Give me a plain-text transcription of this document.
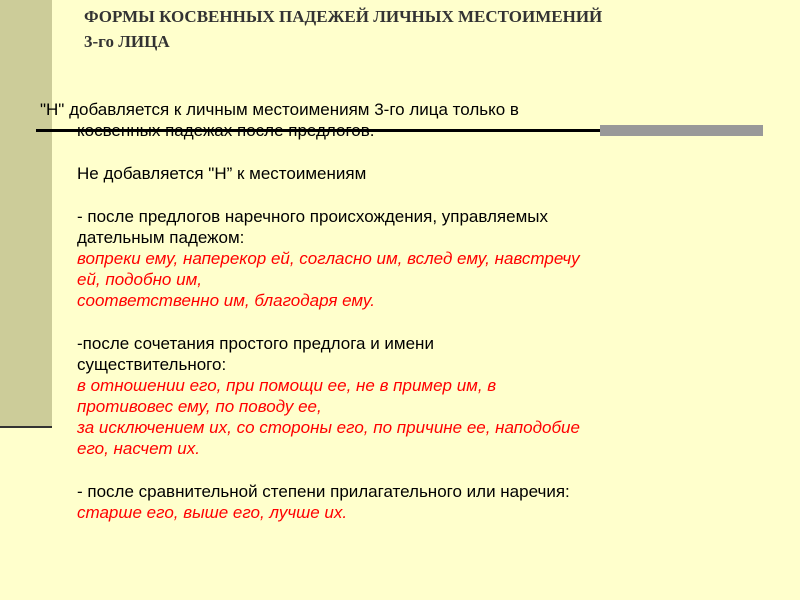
ФОРМЫ КОСВЕННЫХ ПАДЕЖЕЙ ЛИЧНЫХ МЕСТОИМЕНИЙ
3-го ЛИЦА
"Н" добавляется к личным местоимениям 3-го лица только в
косвенных падежах после предлогов.
Не добавляется "Н” к местоимениям
- после предлогов наречного происхождения, управляемых
дательным падежом:
вопреки ему, наперекор ей, согласно им, вслед ему, навстречу
ей, подобно им,
соответственно им, благодаря ему.
-после сочетания простого предлога и имени
существительного:
в отношении его, при помощи ее, не в пример им, в
противовес ему, по поводу ее,
за исключением их, со стороны его, по причине ее, наподобие
его, насчет их.
- после сравнительной степени прилагательного или наречия:
старше его, выше его, лучше их.
